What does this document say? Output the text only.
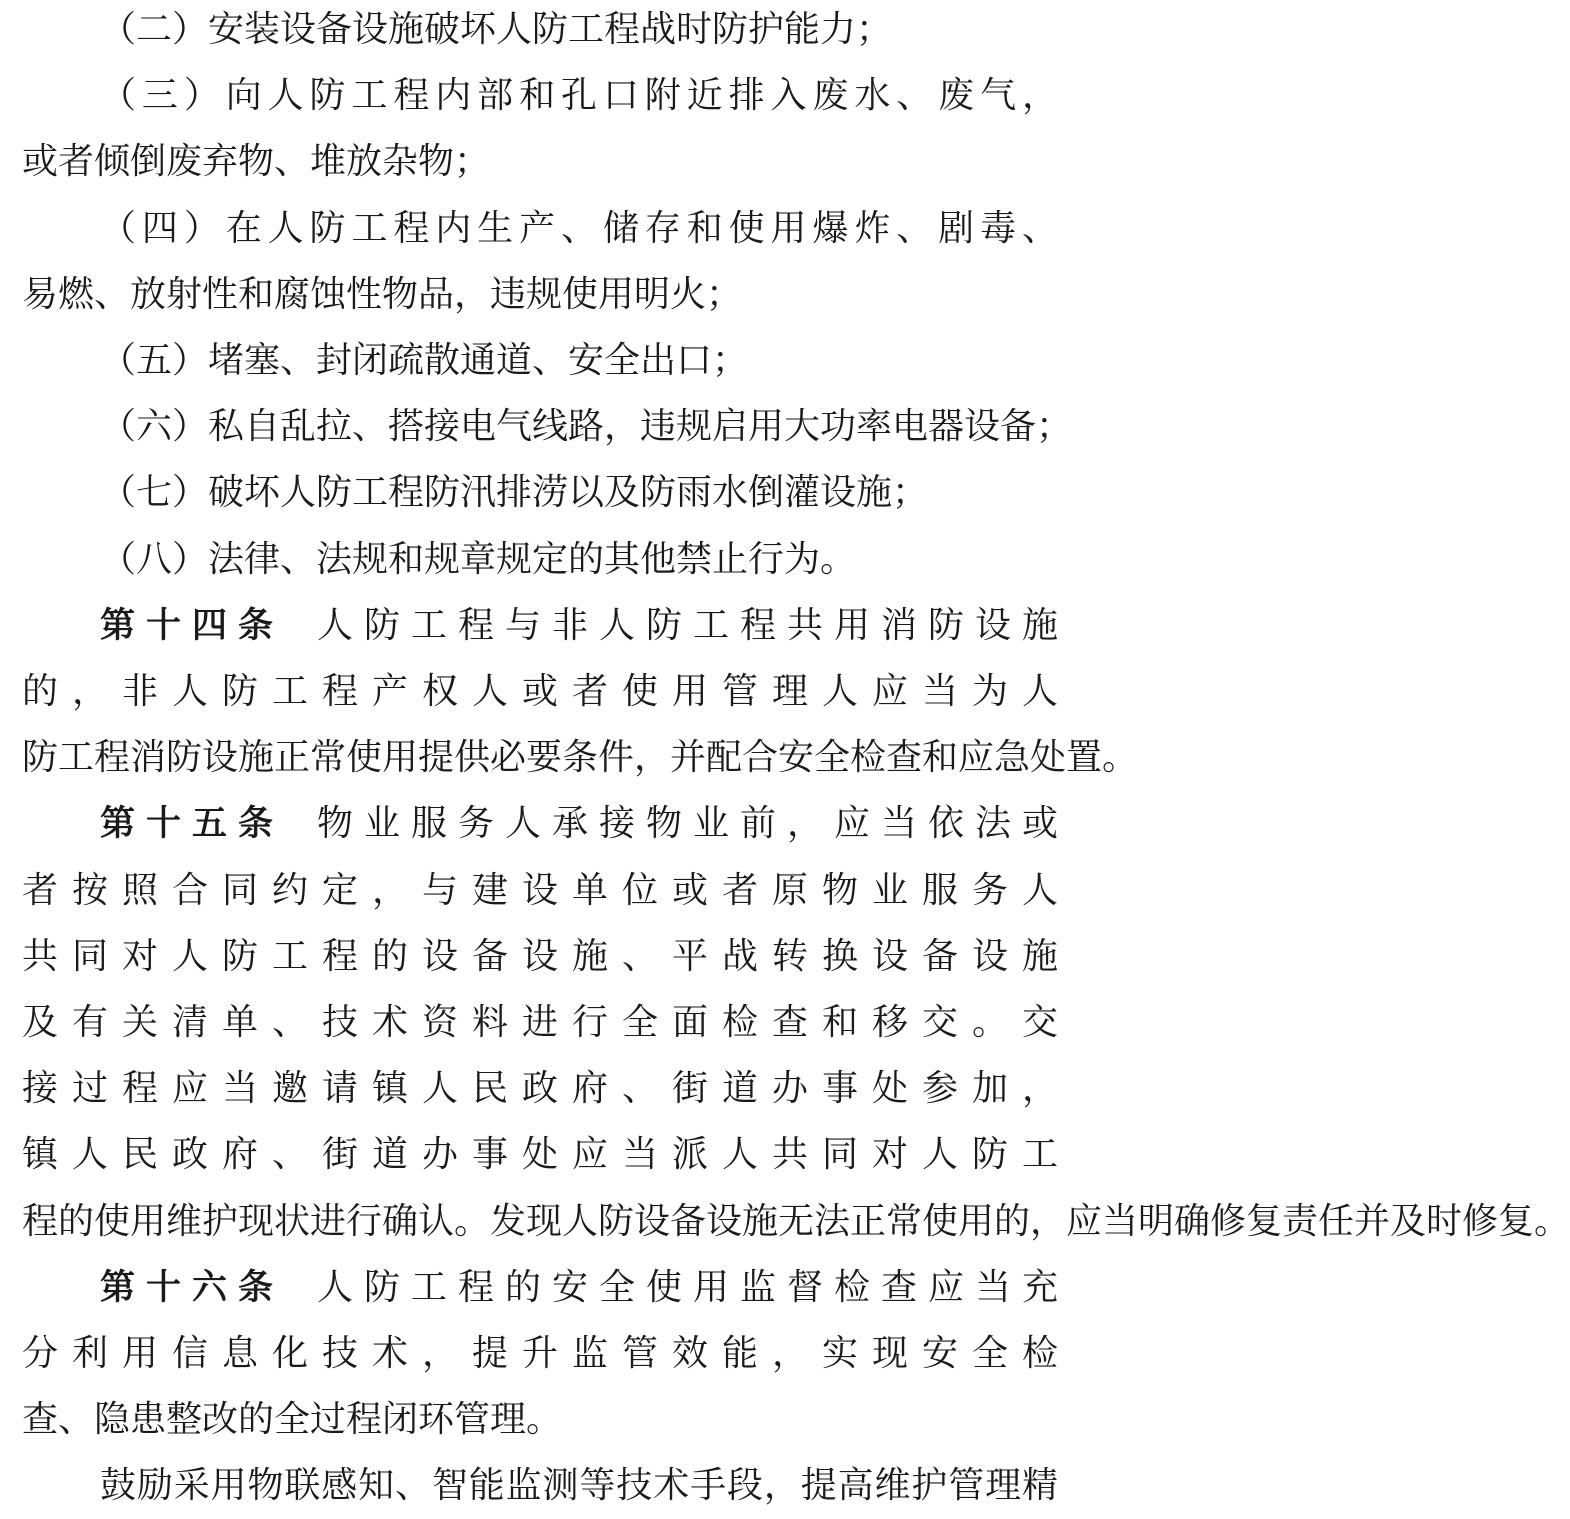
（二）安装设备设施破坏人防工程战时防护能力；
（三）向人防工程内部和孔口附近排入废水、废气，
或者倾倒废弃物、堆放杂物；
（四）在人防工程内生产、储存和使用爆炸、剧毒、
易燃、放射性和腐蚀性物品，违规使用明火；
（五）堵塞、封闭疏散通道、安全出口；
（六）私自乱拉、搭接电气线路，违规启用大功率电器设备；
（七）破坏人防工程防汛排涝以及防雨水倒灌设施；
（八）法律、法规和规章规定的其他禁止行为。
第十四条　 人防工程与非人防工程共用消防设施
的，非人防工程产权人或者使用管理人应当为人
防工程消防设施正常使用提供必要条件，并配合安全检查和应急处置。
第十五条　 物业服务人承接物业前，应当依法或
者按照合同约定，与建设单位或者原物业服务人
共同对人防工程的设备设施、平战转换设备设施
及有关清单、技术资料进行全面检查和移交。交
接过程应当邀请镇人民政府、街道办事处参加，
镇人民政府、街道办事处应当派人共同对人防工
程的使用维护现状进行确认。发现人防设备设施无法正常使用的，应当明确修复责任并及时修复。
第十六条　 人防工程的安全使用监督检查应当充
分利用信息化技术，提升监管效能，实现安全检
查、隐患整改的全过程闭环管理。
鼓励采用物联感知、智能监测等技术手段，提高维护管理精
